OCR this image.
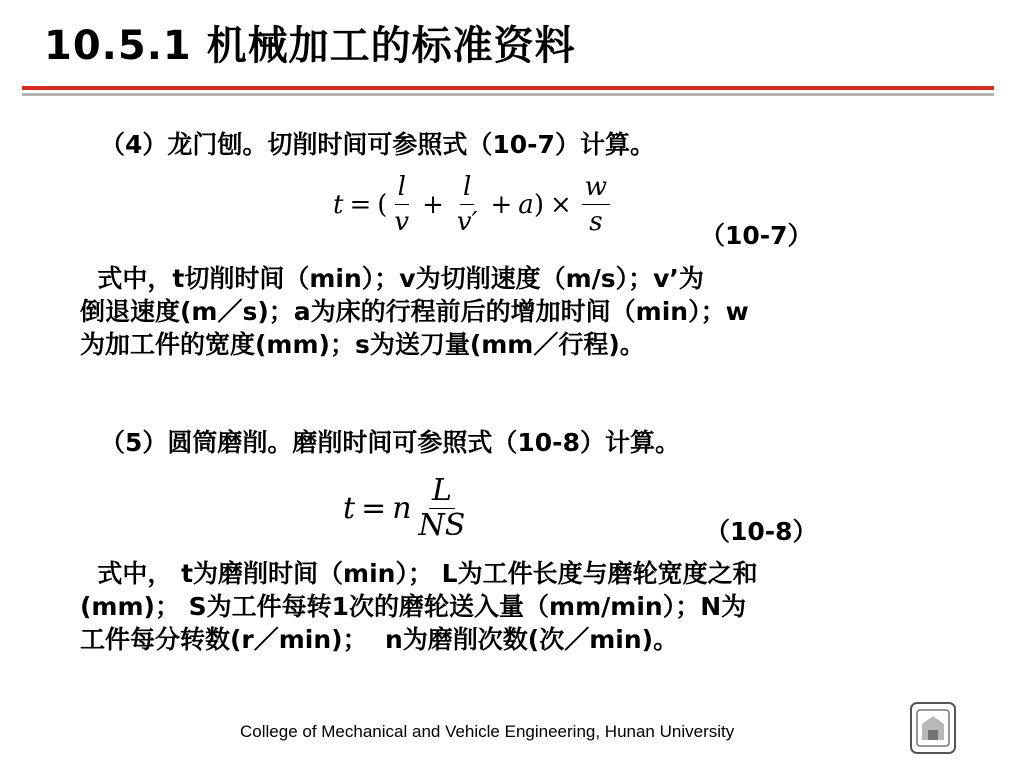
10.5.1 机械加工的标准资料
（4）龙门刨。切削时间可参照式（10-7）计算。
t = ( $\frac{l}{v} + \frac{l}{v'} + a$ ) × $\frac{w}{s}$	（10-7）
式中，t切削时间（min）；v为切削速度（m/s）；v’为
倒退速度(m／s)；a为床的行程前后的增加时间（min）；w
为加工件的宽度(mm)；s为送刀量(mm／行程)。
（5）圆筒磨削。磨削时间可参照式（10-8）计算。
t = n $\frac{L}{NS}$	（10-8）
式中， t为磨削时间（min）； L为工件长度与磨轮宽度之和
(mm)； S为工件每转1次的磨轮送入量（mm/min）；N为
工件每分转数(r／min)；  n为磨削次数(次／min)。
College of Mechanical and Vehicle Engineering, Hunan University
